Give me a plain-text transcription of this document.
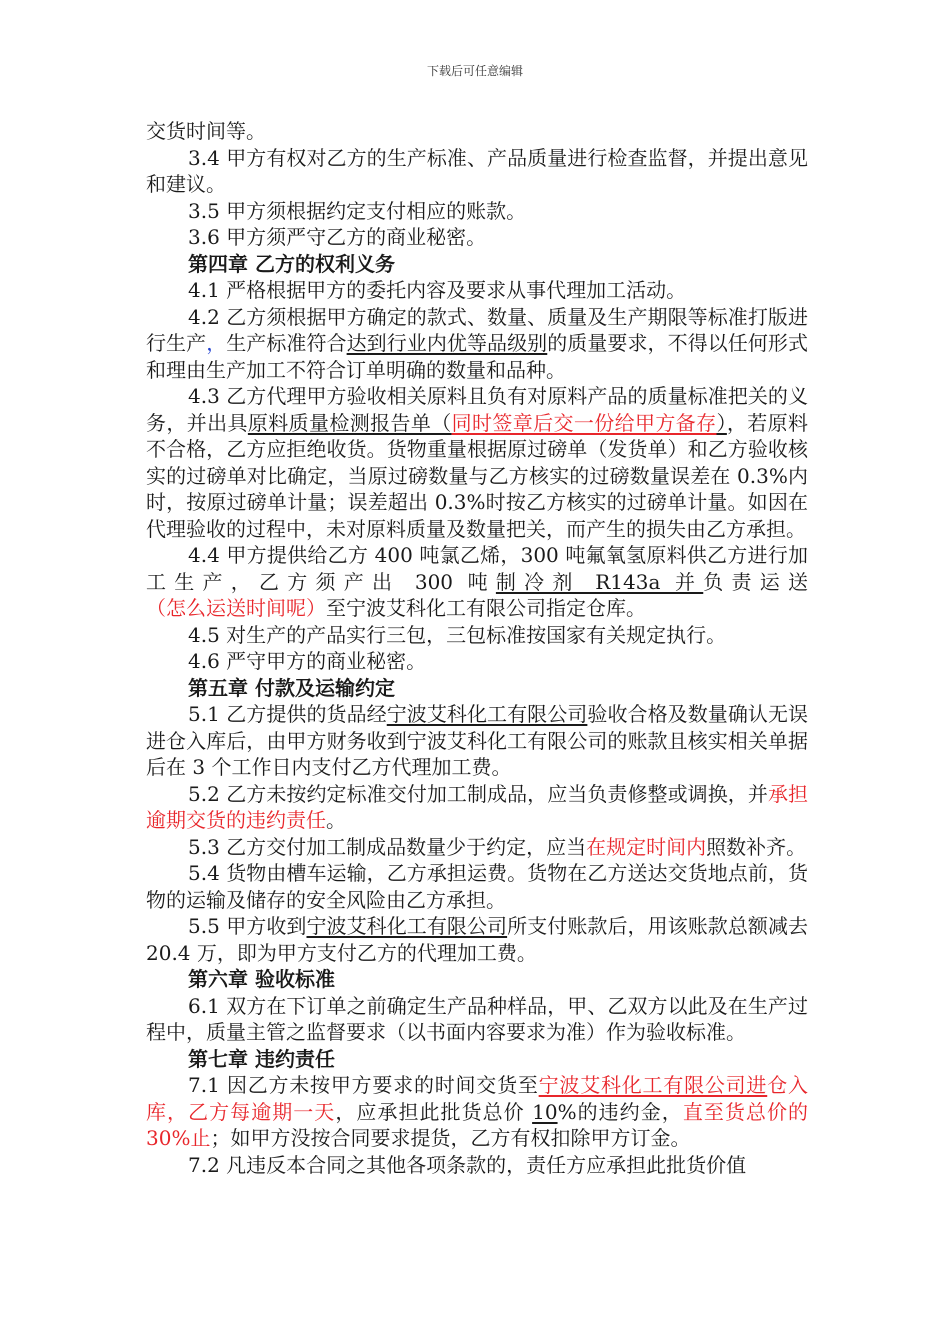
下载后可任意编辑

交货时间等。

3.4 甲方有权对乙方的生产标准、产品质量进行检查监督，并提出意见和建议。

3.5 甲方须根据约定支付相应的账款。

3.6 甲方须严守乙方的商业秘密。

第四章 乙方的权利义务

4.1 严格根据甲方的委托内容及要求从事代理加工活动。

4.2 乙方须根据甲方确定的款式、数量、质量及生产期限等标准打版进行生产，生产标准符合达到行业内优等品级别的质量要求，不得以任何形式和理由生产加工不符合订单明确的数量和品种。

4.3 乙方代理甲方验收相关原料且负有对原料产品的质量标准把关的义务，并出具原料质量检测报告单（同时签章后交一份给甲方备存），若原料不合格，乙方应拒绝收货。货物重量根据原过磅单（发货单）和乙方验收核实的过磅单对比确定，当原过磅数量与乙方核实的过磅数量误差在 0.3%内时，按原过磅单计量；误差超出 0.3%时按乙方核实的过磅单计量。如因在代理验收的过程中，未对原料质量及数量把关，而产生的损失由乙方承担。

4.4 甲方提供给乙方 400 吨氯乙烯，300 吨氟氧氢原料供乙方进行加工生产，乙方须产出 300 吨制冷剂 R143a 并负责运送（怎么运送时间呢）至宁波艾科化工有限公司指定仓库。

4.5 对生产的产品实行三包，三包标准按国家有关规定执行。

4.6 严守甲方的商业秘密。

第五章 付款及运输约定

5.1 乙方提供的货品经宁波艾科化工有限公司验收合格及数量确认无误进仓入库后，由甲方财务收到宁波艾科化工有限公司的账款且核实相关单据后在 3 个工作日内支付乙方代理加工费。

5.2 乙方未按约定标准交付加工制成品，应当负责修整或调换，并承担逾期交货的违约责任。

5.3 乙方交付加工制成品数量少于约定，应当在规定时间内照数补齐。

5.4 货物由槽车运输，乙方承担运费。货物在乙方送达交货地点前，货物的运输及储存的安全风险由乙方承担。

5.5 甲方收到宁波艾科化工有限公司所支付账款后，用该账款总额减去 20.4 万，即为甲方支付乙方的代理加工费。

第六章 验收标准

6.1 双方在下订单之前确定生产品种样品，甲、乙双方以此及在生产过程中，质量主管之监督要求（以书面内容要求为准）作为验收标准。

第七章 违约责任

7.1 因乙方未按甲方要求的时间交货至宁波艾科化工有限公司进仓入库，乙方每逾期一天，应承担此批货总价 10%的违约金，直至货总价的 30%止；如甲方没按合同要求提货，乙方有权扣除甲方订金。

7.2 凡违反本合同之其他各项条款的，责任方应承担此批货价值
